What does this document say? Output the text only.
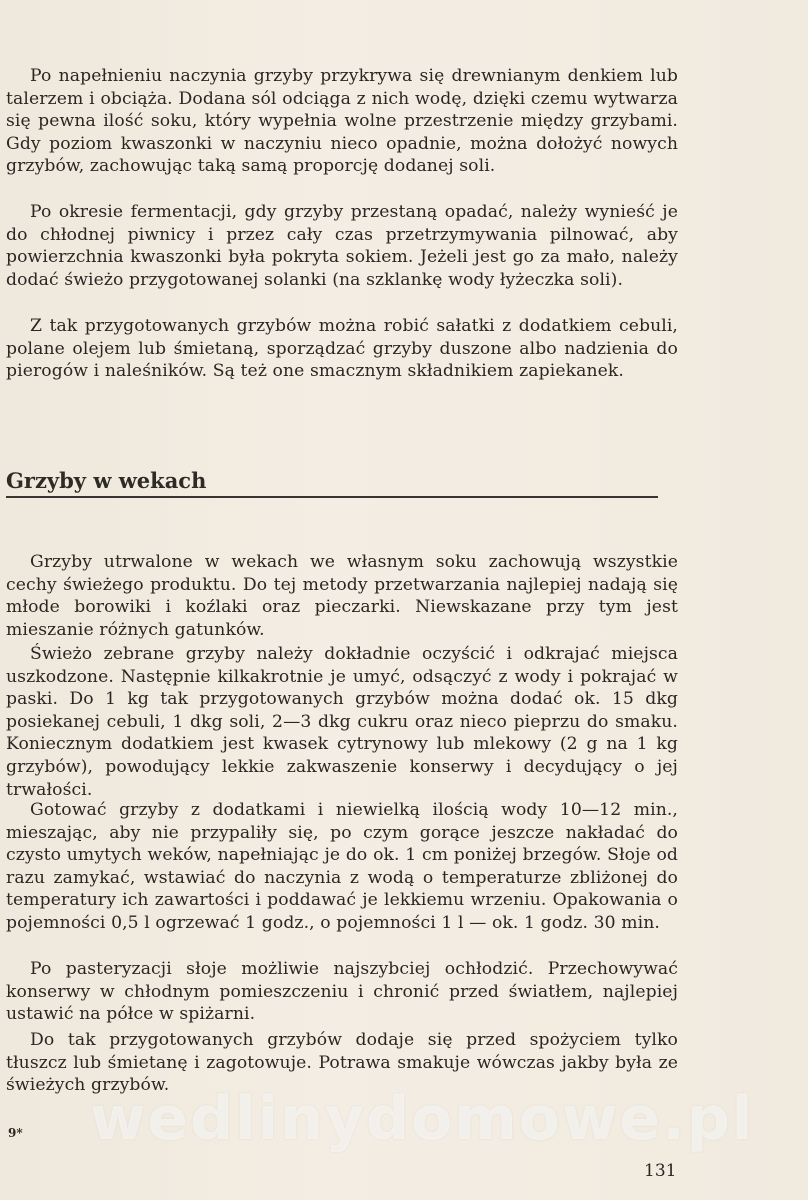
Po napełnieniu naczynia grzyby przykrywa się drewnianym denkiem lub talerzem i obciąża. Dodana sól odciąga z nich wodę, dzięki czemu wytwarza się pewna ilość soku, który wypełnia wolne przestrzenie między grzybami. Gdy poziom kwaszonki w naczyniu nieco opadnie, można dołożyć nowych grzybów, zachowując taką samą proporcję dodanej soli.

Po okresie fermentacji, gdy grzyby przestaną opadać, należy wynieść je do chłodnej piwnicy i przez cały czas przetrzymywania pilnować, aby powierzchnia kwaszonki była pokryta sokiem. Jeżeli jest go za mało, należy dodać świeżo przygotowanej solanki (na szklankę wody łyżeczka soli).

Z tak przygotowanych grzybów można robić sałatki z dodatkiem cebuli, polane olejem lub śmietaną, sporządzać grzyby duszone albo nadzienia do pierogów i naleśników. Są też one smacznym składnikiem zapiekanek.

Grzyby w wekach

Grzyby utrwalone w wekach we własnym soku zachowują wszystkie cechy świeżego produktu. Do tej metody przetwarzania najlepiej nadają się młode borowiki i koźlaki oraz pieczarki. Niewskazane przy tym jest mieszanie różnych gatunków.

Świeżo zebrane grzyby należy dokładnie oczyścić i odkrajać miejsca uszkodzone. Następnie kilkakrotnie je umyć, odsączyć z wody i pokrajać w paski. Do 1 kg tak przygotowanych grzybów można dodać ok. 15 dkg posiekanej cebuli, 1 dkg soli, 2—3 dkg cukru oraz nieco pieprzu do smaku. Koniecznym dodatkiem jest kwasek cytrynowy lub mlekowy (2 g na 1 kg grzybów), powodujący lekkie zakwaszenie konserwy i decydujący o jej trwałości.

Gotować grzyby z dodatkami i niewielką ilością wody 10—12 min., mieszając, aby nie przypaliły się, po czym gorące jeszcze nakładać do czysto umytych weków, napełniając je do ok. 1 cm poniżej brzegów. Słoje od razu zamykać, wstawiać do naczynia z wodą o temperaturze zbliżonej do temperatury ich zawartości i poddawać je lekkiemu wrzeniu. Opakowania o pojemności 0,5 l ogrzewać 1 godz., o pojemności 1 l — ok. 1 godz. 30 min.

Po pasteryzacji słoje możliwie najszybciej ochłodzić. Przechowywać konserwy w chłodnym pomieszczeniu i chronić przed światłem, najlepiej ustawić na półce w spiżarni.

Do tak przygotowanych grzybów dodaje się przed spożyciem tylko tłuszcz lub śmietanę i zagotowuje. Potrawa smakuje wówczas jakby była ze świeżych grzybów.

wedlinydomowe.pl
9*
131
